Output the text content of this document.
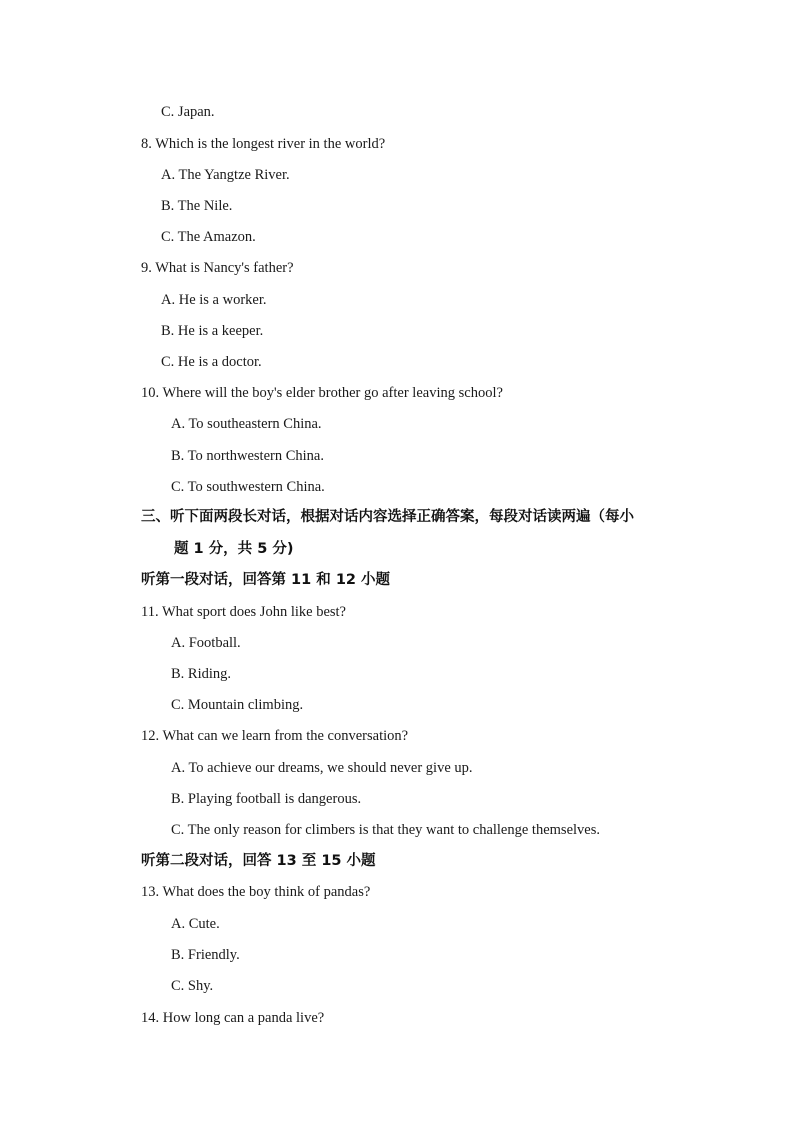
C. Japan.
8. Which is the longest river in the world?
A. The Yangtze River.
B. The Nile.
C. The Amazon.
9. What is Nancy's father?
A. He is a worker.
B. He is a keeper.
C. He is a doctor.
10. Where will the boy's elder brother go after leaving school?
A. To southeastern China.
B. To northwestern China.
C. To southwestern China.
三、听下面两段长对话，根据对话内容选择正确答案，每段对话读两遍（每小
题 1 分，共 5 分)
听第一段对话，回答第 11 和 12 小题
11. What sport does John like best?
A. Football.
B. Riding.
C. Mountain climbing.
12. What can we learn from the conversation?
A. To achieve our dreams, we should never give up.
B. Playing football is dangerous.
C. The only reason for climbers is that they want to challenge themselves.
听第二段对话，回答 13 至 15 小题
13. What does the boy think of pandas?
A. Cute.
B. Friendly.
C. Shy.
14. How long can a panda live?
